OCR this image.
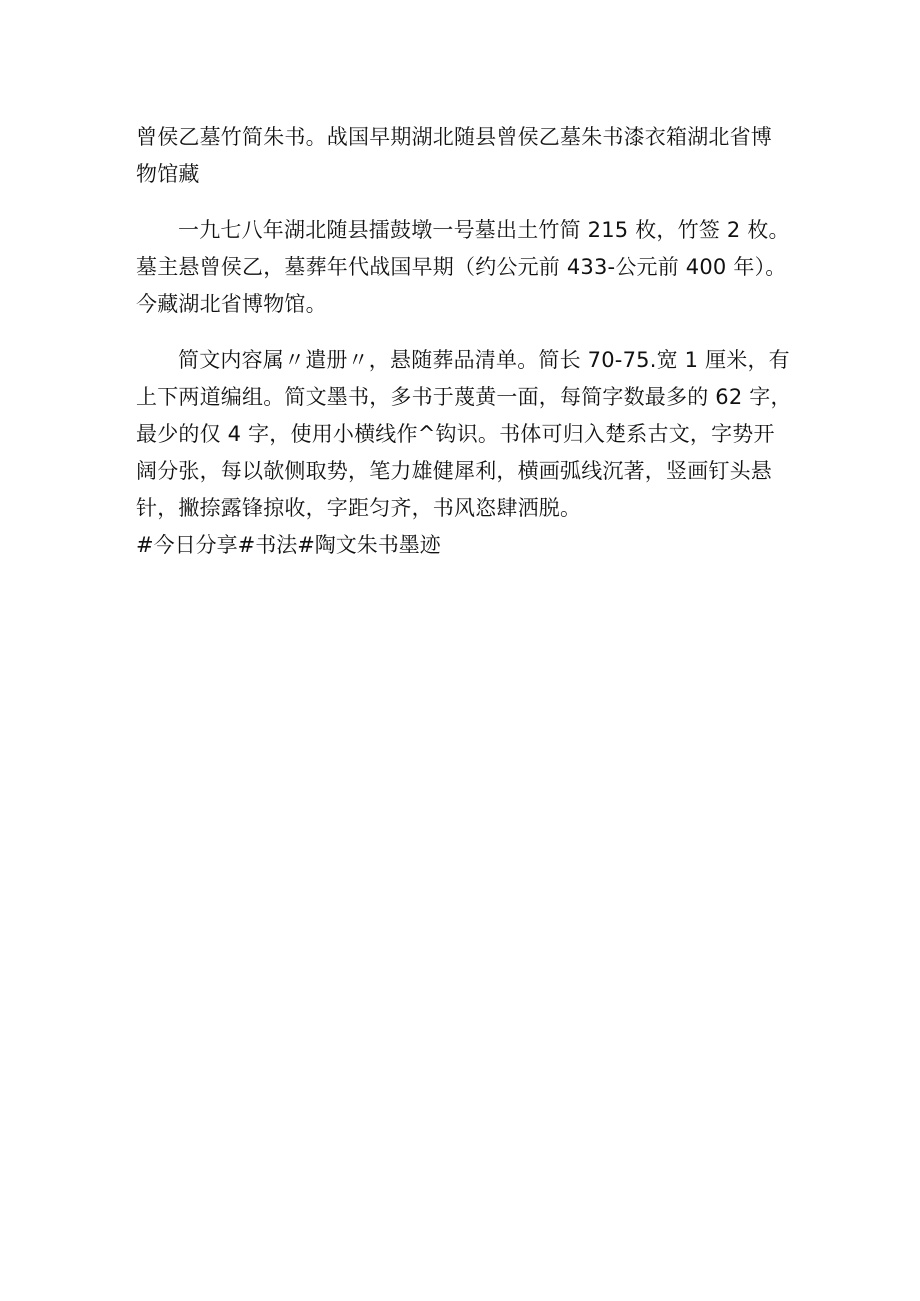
曾侯乙墓竹简朱书。战国早期湖北随县曾侯乙墓朱书漆衣箱湖北省博物馆藏

一九七八年湖北随县擂鼓墩一号墓出土竹简 215 枚，竹签 2 枚。墓主悬曾侯乙，墓葬年代战国早期（约公元前 433-公元前 400 年）。今藏湖北省博物馆。

简文内容属〃遣册〃，悬随葬品清单。简长 70-75.宽 1 厘米，有上下两道编组。简文墨书，多书于蔑黄一面，每简字数最多的 62 字，最少的仅 4 字，使用小横线作^钩识。书体可归入楚系古文，字势开阔分张，每以欹侧取势，笔力雄健犀利，横画弧线沉著，竖画钉头悬针，撇捺露锋掠收，字距匀齐，书风恣肆洒脱。

#今日分享#书法#陶文朱书墨迹
